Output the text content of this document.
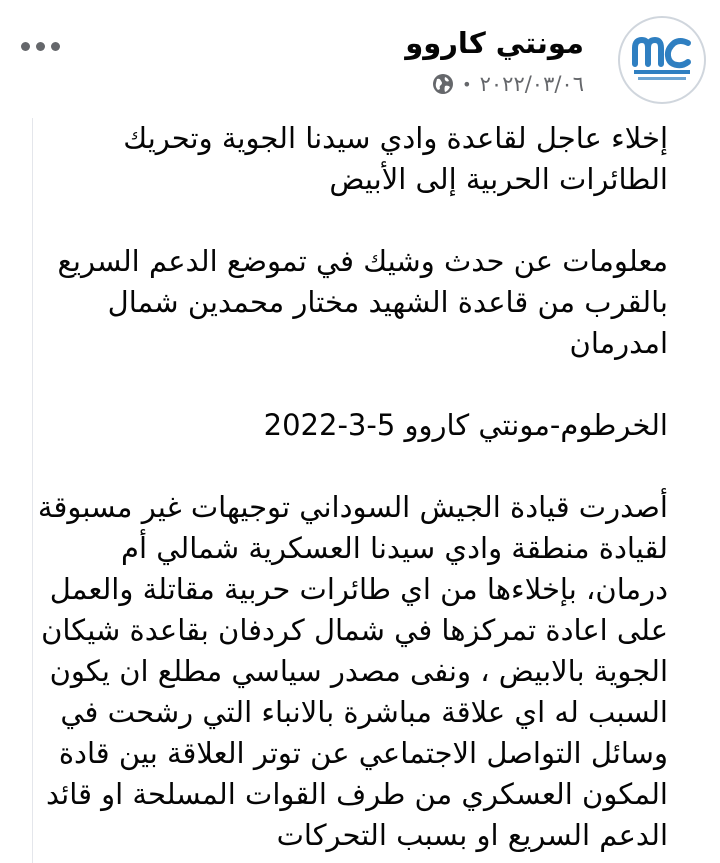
مونتي كاروو
٢٠٢٢/٠٣/٠٦
•

إخلاء عاجل لقاعدة وادي سيدنا الجوية وتحريك الطائرات الحربية إلى الأبيض

معلومات عن حدث وشيك في تموضع الدعم السريع بالقرب من قاعدة الشهيد مختار محمدين شمال امدرمان

الخرطوم-مونتي كاروو 5-3-2022

أصدرت قيادة الجيش السوداني توجيهات غير مسبوقة لقيادة منطقة وادي سيدنا العسكرية شمالي أم درمان، بإخلاءها من اي طائرات حربية مقاتلة والعمل على اعادة تمركزها في شمال كردفان بقاعدة شيكان الجوية بالابيض ، ونفى مصدر سياسي مطلع ان يكون السبب له اي علاقة مباشرة بالانباء التي رشحت في وسائل التواصل الاجتماعي عن توتر العلاقة بين قادة المكون العسكري من طرف القوات المسلحة او قائد الدعم السريع او بسبب التحركات
